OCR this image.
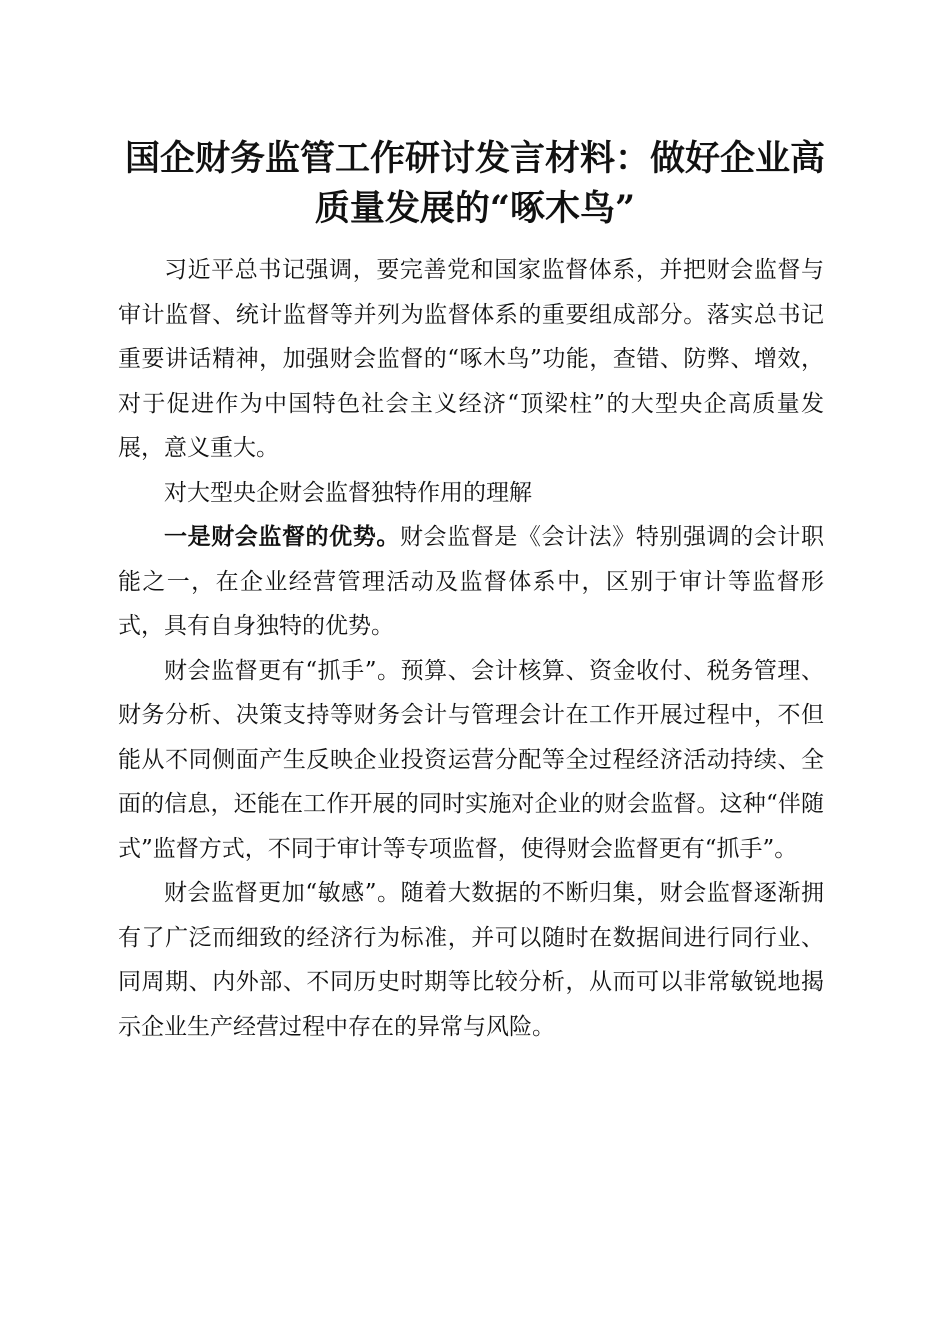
国企财务监管工作研讨发言材料：做好企业高质量发展的“啄木鸟”

习近平总书记强调，要完善党和国家监督体系，并把财会监督与审计监督、统计监督等并列为监督体系的重要组成部分。落实总书记重要讲话精神，加强财会监督的“啄木鸟”功能，查错、防弊、增效，对于促进作为中国特色社会主义经济“顶梁柱”的大型央企高质量发展，意义重大。

对大型央企财会监督独特作用的理解

一是财会监督的优势。财会监督是《会计法》特别强调的会计职能之一，在企业经营管理活动及监督体系中，区别于审计等监督形式，具有自身独特的优势。

财会监督更有“抓手”。预算、会计核算、资金收付、税务管理、财务分析、决策支持等财务会计与管理会计在工作开展过程中，不但能从不同侧面产生反映企业投资运营分配等全过程经济活动持续、全面的信息，还能在工作开展的同时实施对企业的财会监督。这种“伴随式”监督方式，不同于审计等专项监督，使得财会监督更有“抓手”。

财会监督更加“敏感”。随着大数据的不断归集，财会监督逐渐拥有了广泛而细致的经济行为标准，并可以随时在数据间进行同行业、同周期、内外部、不同历史时期等比较分析，从而可以非常敏锐地揭示企业生产经营过程中存在的异常与风险。
